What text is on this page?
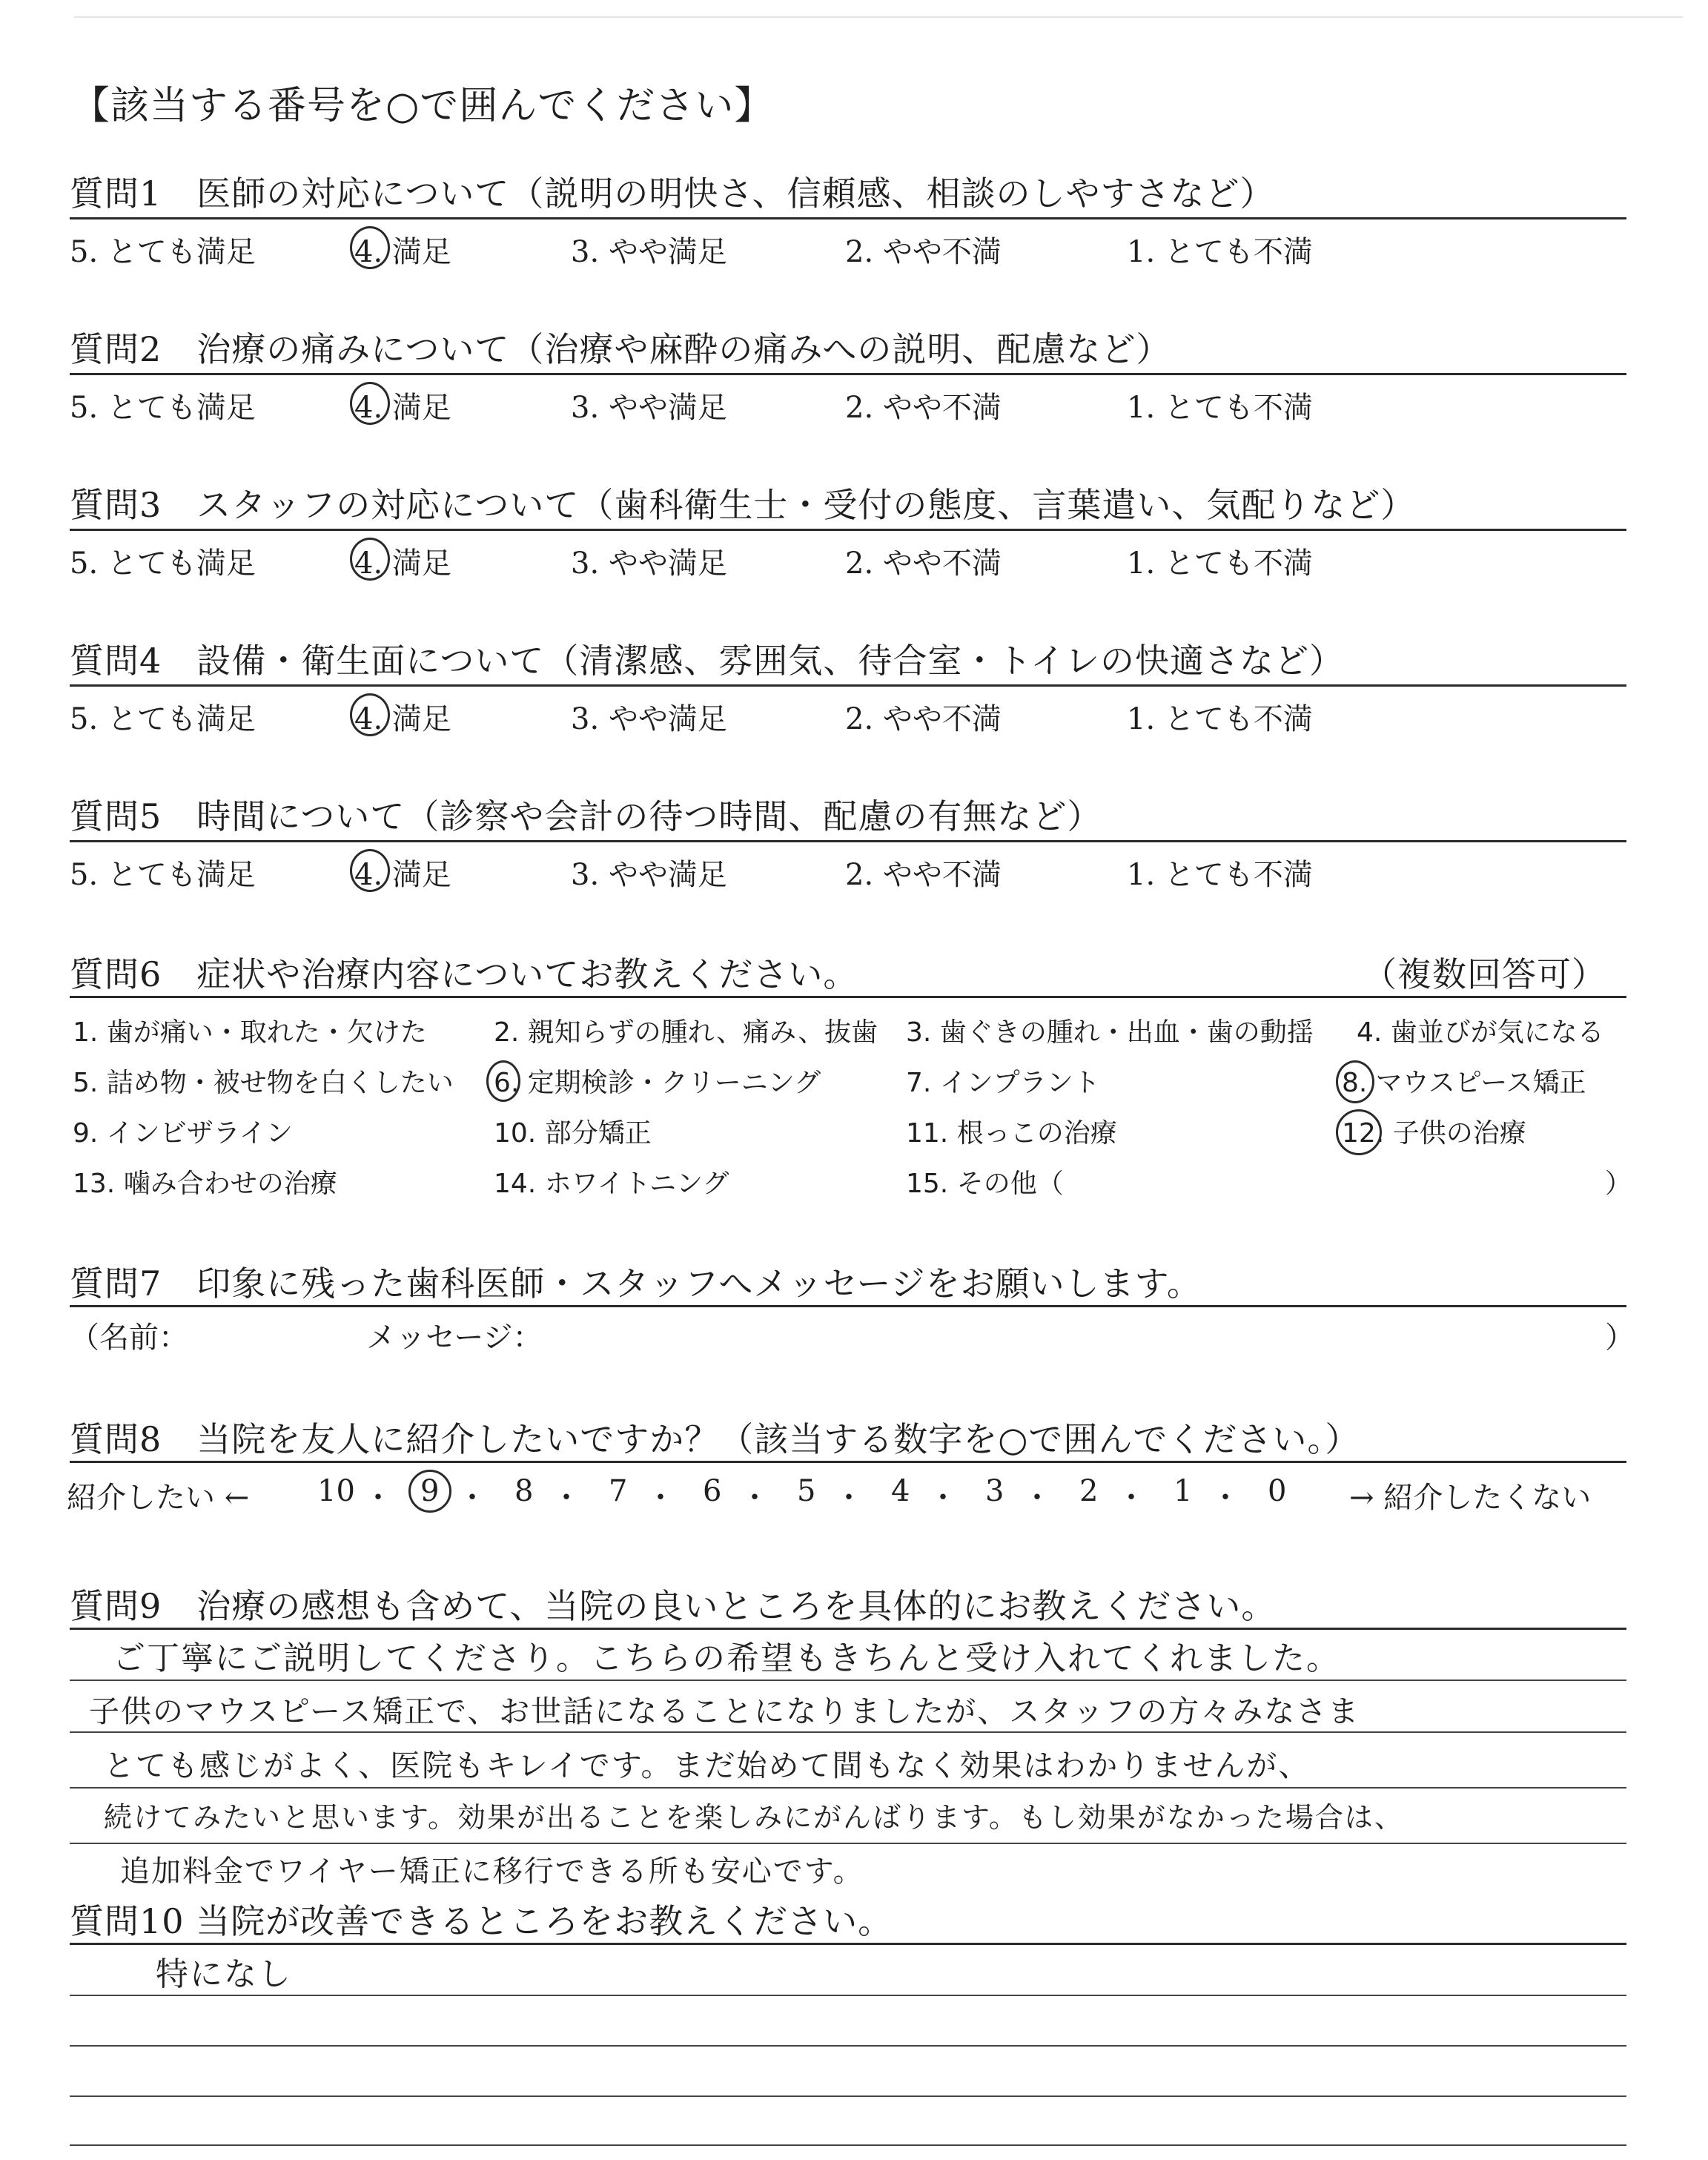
【該当する番号を○で囲んでください】
質問1　医師の対応について（説明の明快さ、信頼感、相談のしやすさなど）
5. とても満足	4. 満足	3. やや満足	2. やや不満	1. とても不満
質問2　治療の痛みについて（治療や麻酔の痛みへの説明、配慮など）
5. とても満足	4. 満足	3. やや満足	2. やや不満	1. とても不満
質問3　スタッフの対応について（歯科衛生士・受付の態度、言葉遣い、気配りなど）
5. とても満足	4. 満足	3. やや満足	2. やや不満	1. とても不満
質問4　設備・衛生面について（清潔感、雰囲気、待合室・トイレの快適さなど）
5. とても満足	4. 満足	3. やや満足	2. やや不満	1. とても不満
質問5　時間について（診察や会計の待つ時間、配慮の有無など）
5. とても満足	4. 満足	3. やや満足	2. やや不満	1. とても不満
質問6　症状や治療内容についてお教えください。	（複数回答可）
1. 歯が痛い・取れた・欠けた	2. 親知らずの腫れ、痛み、抜歯 3. 歯ぐきの腫れ・出血・歯の動揺 4. 歯並びが気になる
5. 詰め物・被せ物を白くしたい 6. 定期検診・クリーニング	7. インプラント	8. マウスピース矯正
9. インビザライン	10. 部分矯正	11. 根っこの治療	12. 子供の治療
13. 噛み合わせの治療	14. ホワイトニング	15. その他（	）
質問7　印象に残った歯科医師・スタッフへメッセージをお願いします。
（名前：	メッセージ：	）
質問8　当院を友人に紹介したいですか？（該当する数字を○で囲んでください。）
紹介したい ←	→ 紹介したくない
10 ・ 9 ・ 8 ・ 7 ・ 6 ・ 5 ・ 4 ・ 3 ・ 2 ・ 1 ・ 0
質問9　治療の感想も含めて、当院の良いところを具体的にお教えください。
ご丁寧にご説明してくださり。こちらの希望もきちんと受け入れてくれました。
子供のマウスピース矯正で、お世話になることになりましたが、スタッフの方々みなさま
とても感じがよく、医院もキレイです。まだ始めて間もなく効果はわかりませんが、
続けてみたいと思います。効果が出ることを楽しみにがんばります。もし効果がなかった場合は、
追加料金でワイヤー矯正に移行できる所も安心です。
質問10 当院が改善できるところをお教えください。
特になし
